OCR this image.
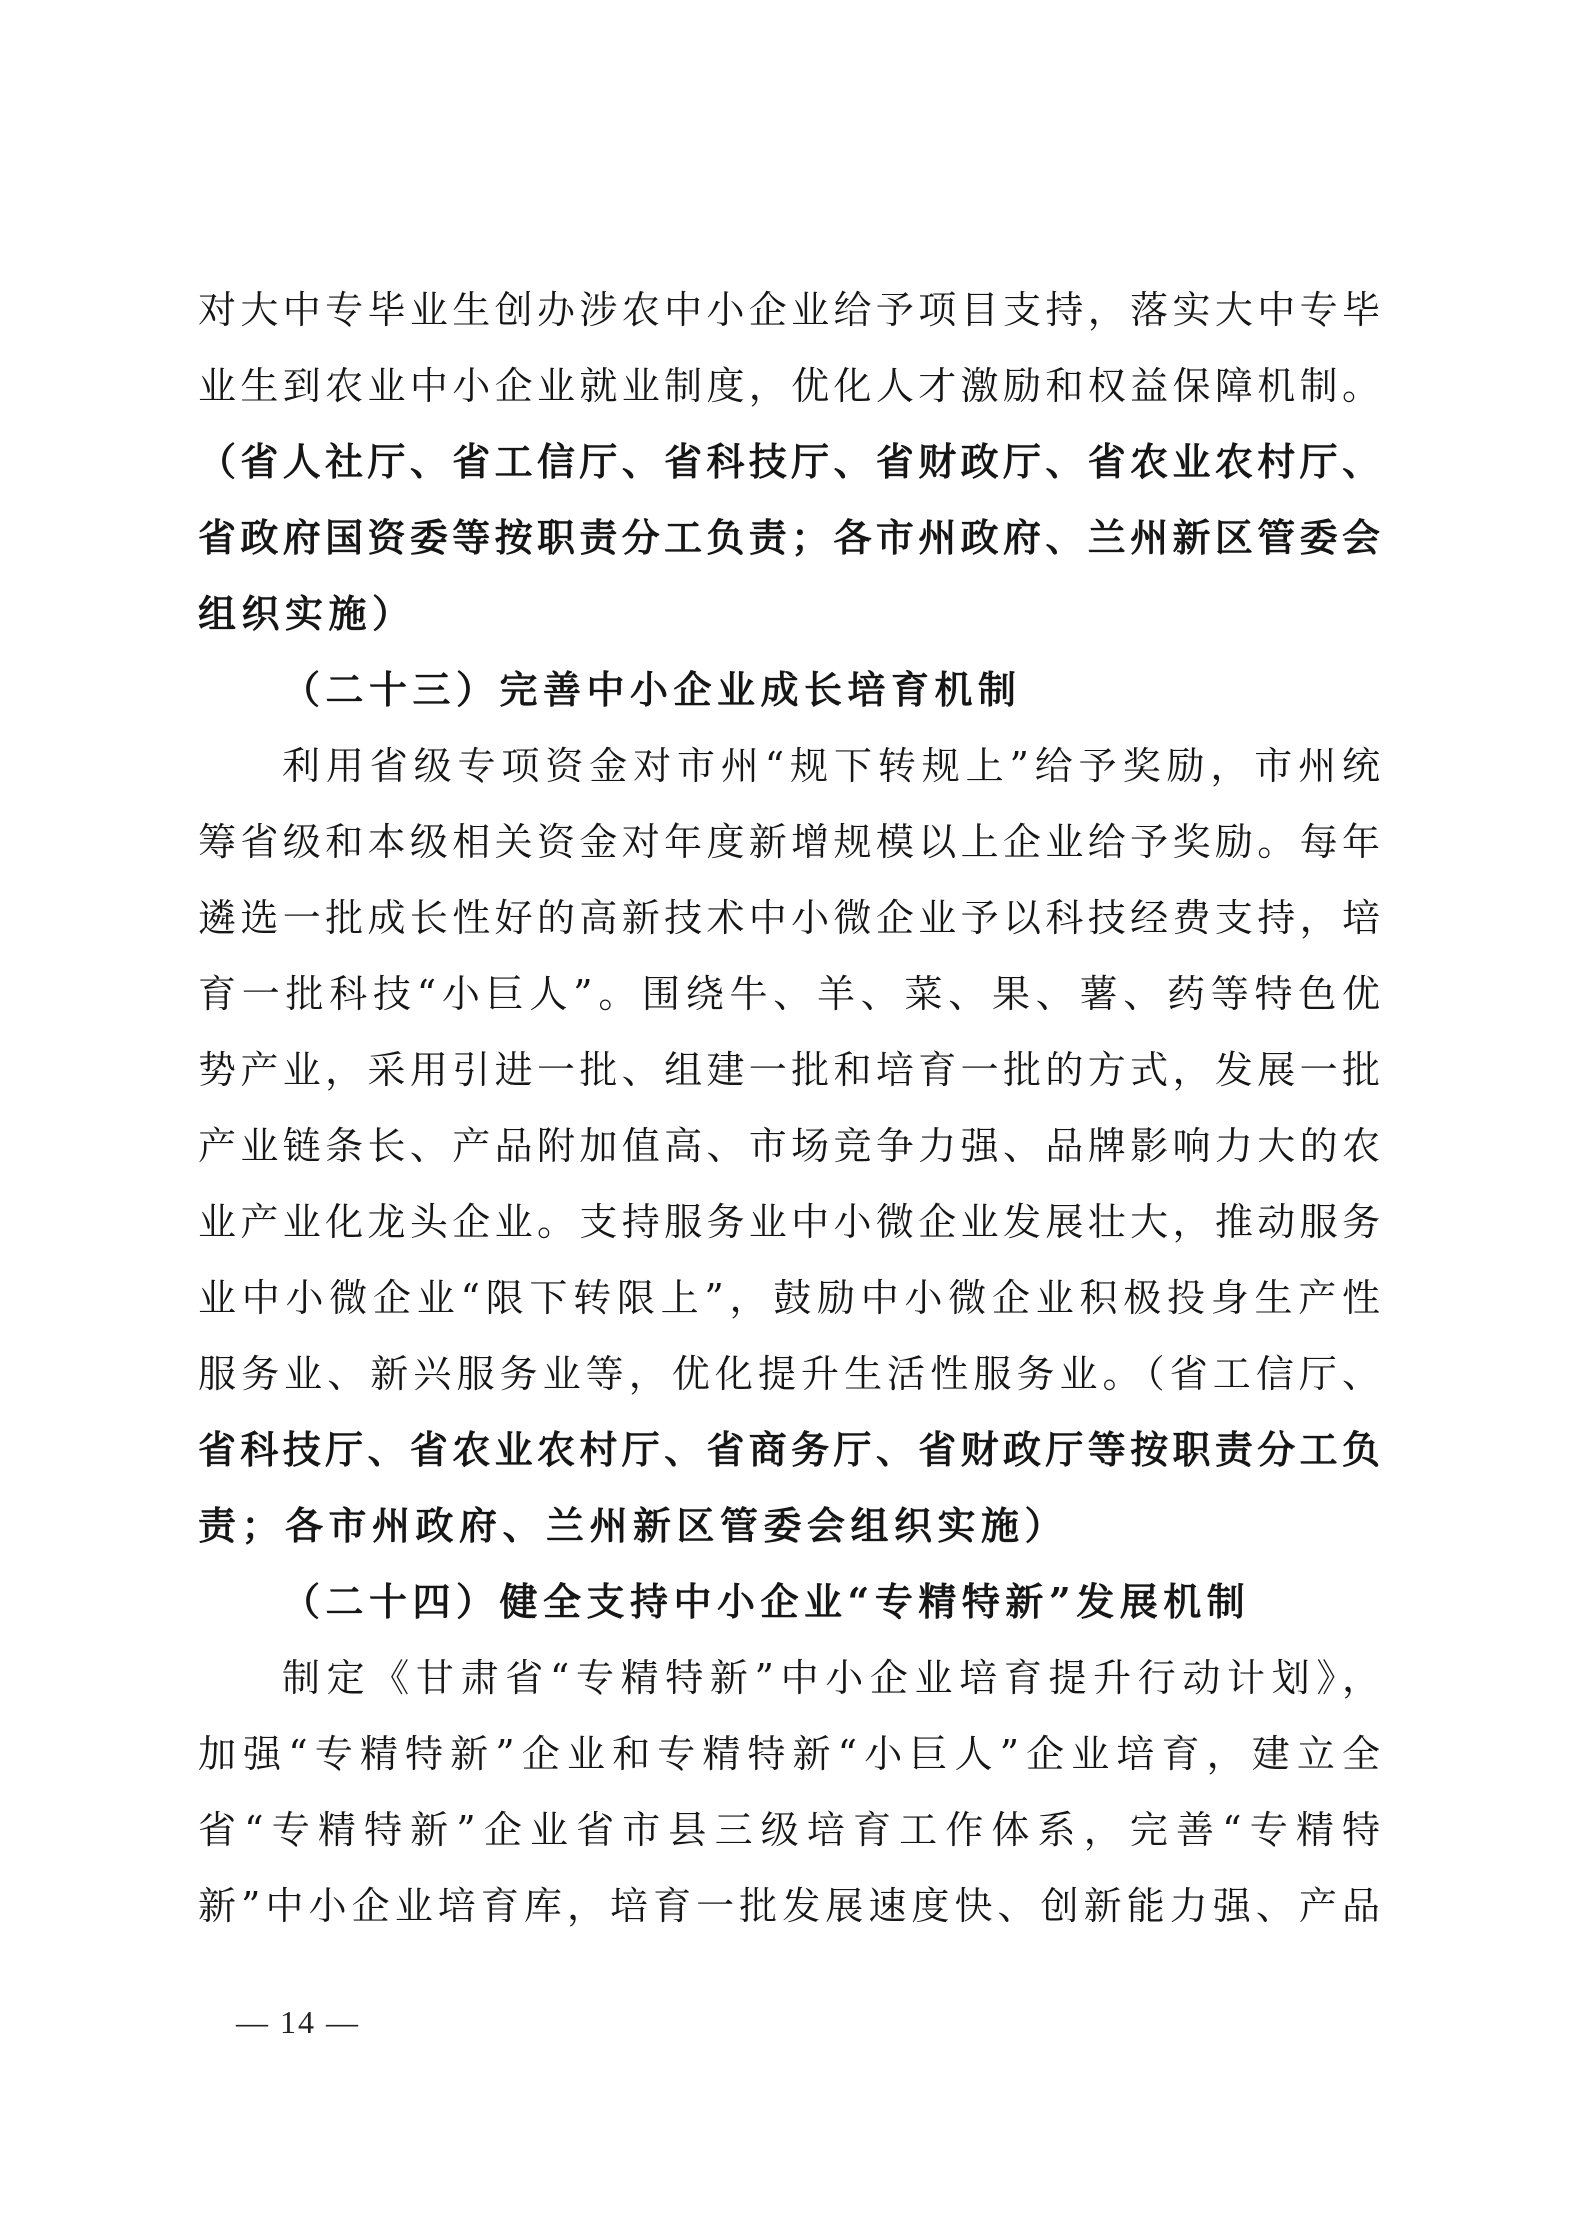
对大中专毕业生创办涉农中小企业给予项目支持，落实大中专毕
业生到农业中小企业就业制度，优化人才激励和权益保障机制。
（省人社厅、省工信厅、省科技厅、省财政厅、省农业农村厅、
省政府国资委等按职责分工负责；各市州政府、兰州新区管委会
组织实施）
（二十三）完善中小企业成长培育机制
利用省级专项资金对市州“规下转规上”给予奖励，市州统
筹省级和本级相关资金对年度新增规模以上企业给予奖励。每年
遴选一批成长性好的高新技术中小微企业予以科技经费支持，培
育一批科技“小巨人”。围绕牛、羊、菜、果、薯、药等特色优
势产业，采用引进一批、组建一批和培育一批的方式，发展一批
产业链条长、产品附加值高、市场竞争力强、品牌影响力大的农
业产业化龙头企业。支持服务业中小微企业发展壮大，推动服务
业中小微企业“限下转限上”，鼓励中小微企业积极投身生产性
服务业、新兴服务业等，优化提升生活性服务业。（省工信厅、
省科技厅、省农业农村厅、省商务厅、省财政厅等按职责分工负
责；各市州政府、兰州新区管委会组织实施）
（二十四）健全支持中小企业“专精特新”发展机制
制定《甘肃省“专精特新”中小企业培育提升行动计划》，
加强“专精特新”企业和专精特新“小巨人”企业培育，建立全
省“专精特新”企业省市县三级培育工作体系，完善“专精特
新”中小企业培育库，培育一批发展速度快、创新能力强、产品
— 14 —
